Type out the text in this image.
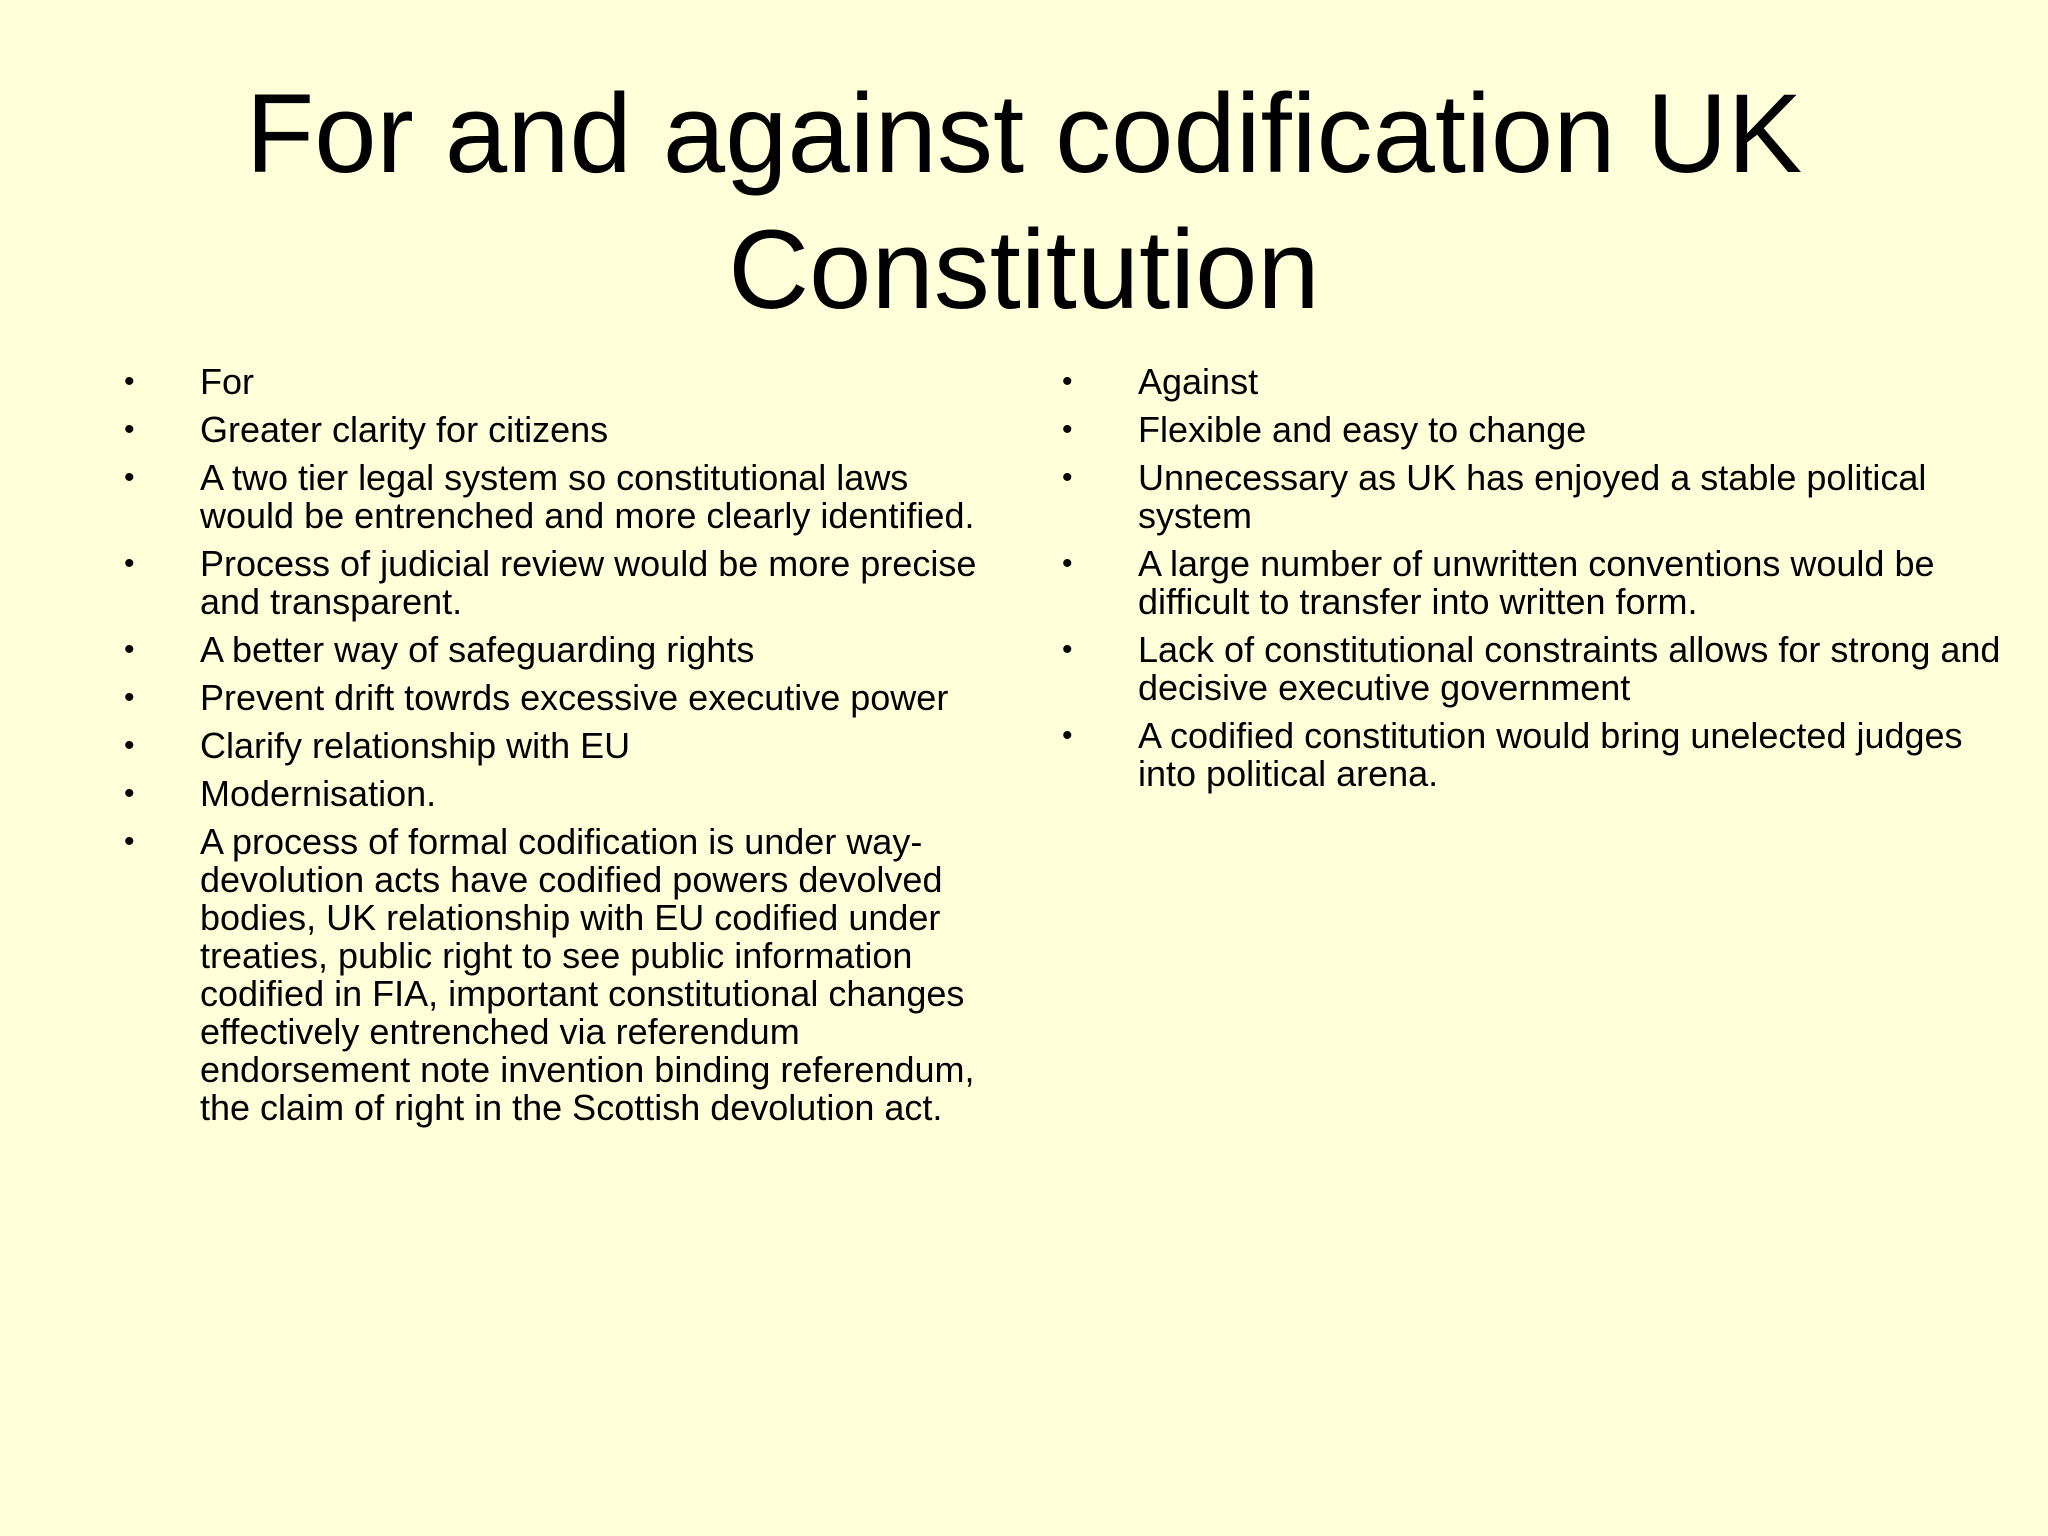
For and against codification UK
Constitution
• For
• Greater clarity for citizens
• A two tier legal system so constitutional laws would be entrenched and more clearly identified.
• Process of judicial review would be more precise and transparent.
• A better way of safeguarding rights
• Prevent drift towrds excessive executive power
• Clarify relationship with EU
• Modernisation.
• A process of formal codification is under way- devolution acts have codified powers devolved bodies, UK relationship with EU codified under treaties, public right to see public information codified in FIA, important constitutional changes effectively entrenched via referendum endorsement note invention binding referendum, the claim of right in the Scottish devolution act.
• Against
• Flexible and easy to change
• Unnecessary as UK has enjoyed a stable political system
• A large number of unwritten conventions would be difficult to transfer into written form.
• Lack of constitutional constraints allows for strong and decisive executive government
• A codified constitution would bring unelected judges into political arena.
